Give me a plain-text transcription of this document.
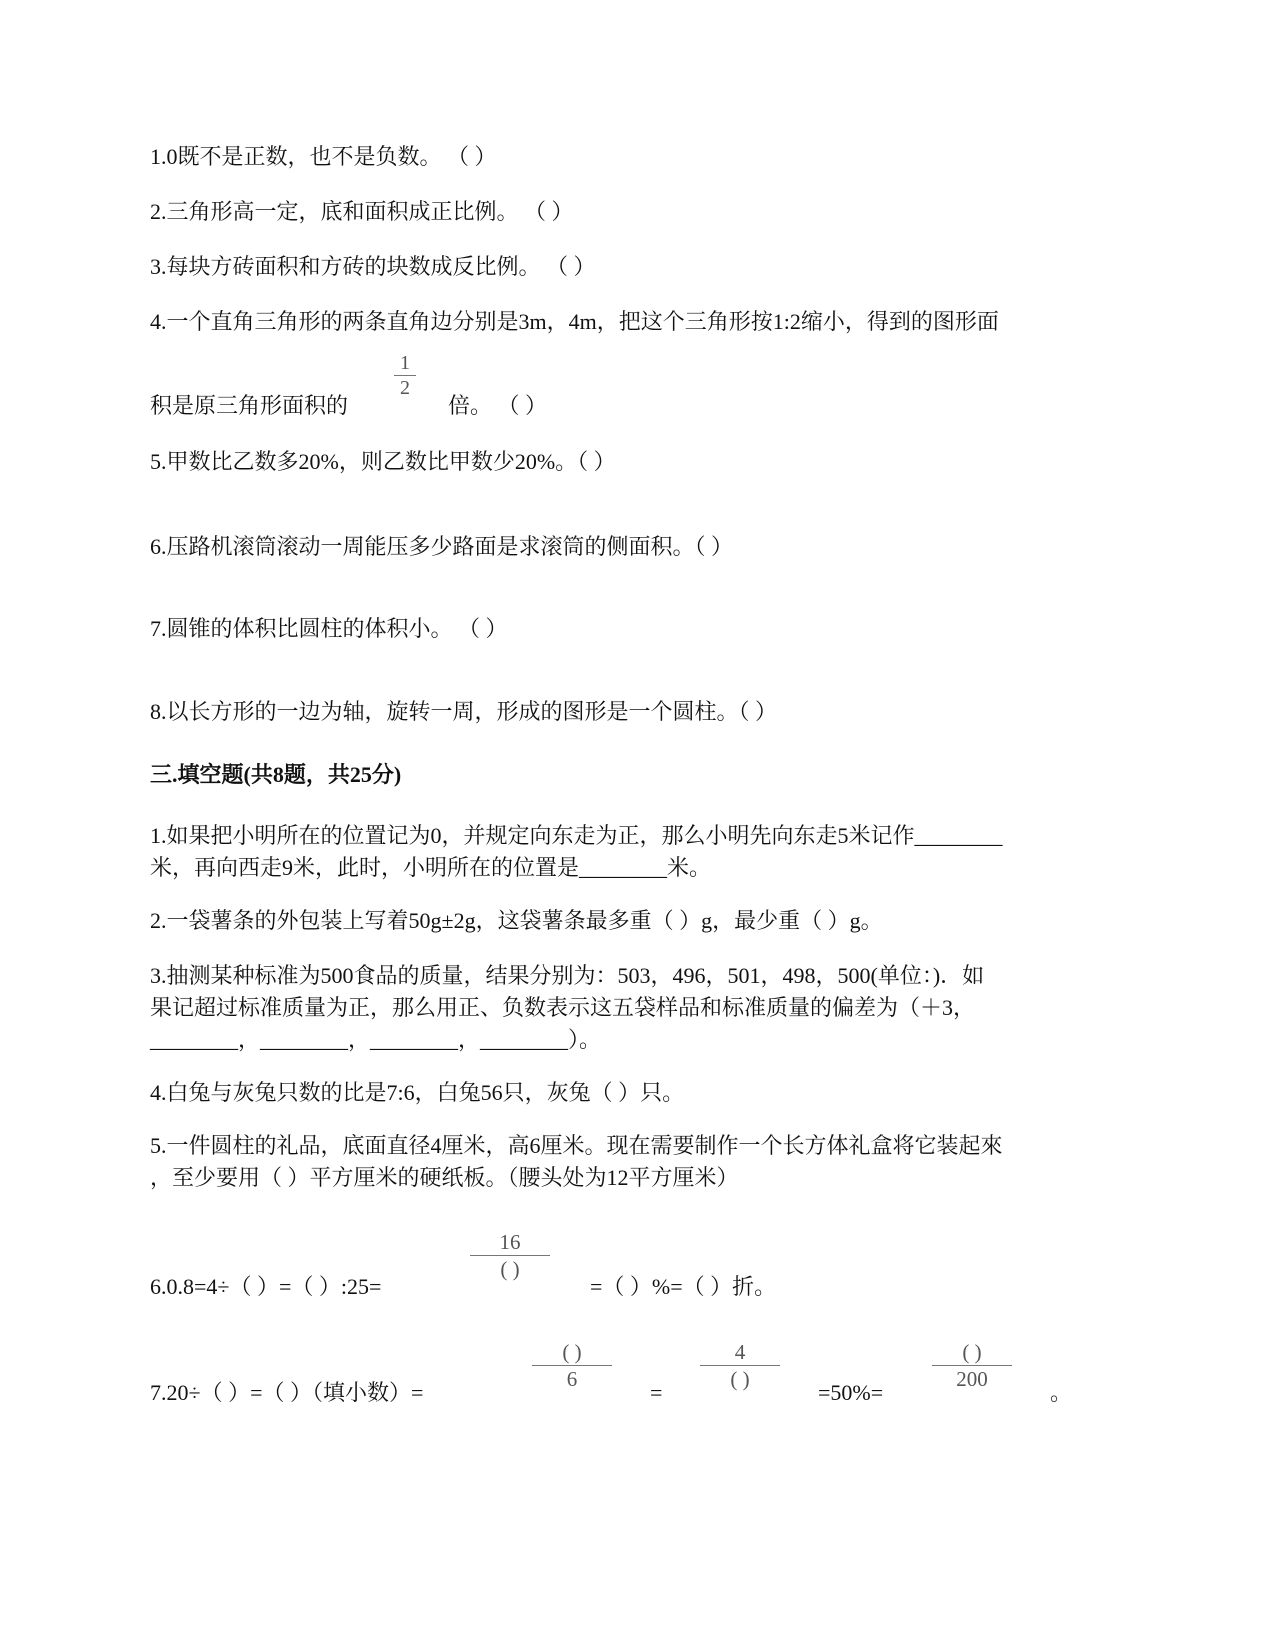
1.0既不是正数，也不是负数。 （ ）
2.三角形高一定，底和面积成正比例。 （ ）
3.每块方砖面积和方砖的块数成反比例。 （ ）
4.一个直角三角形的两条直角边分别是3m，4m，把这个三角形按1:2缩小，得到的图形面
积是原三角形面积的
1
2
倍。 （ ）
5.甲数比乙数多20%，则乙数比甲数少20%。（ ）
6.压路机滚筒滚动一周能压多少路面是求滚筒的侧面积。（ ）
7.圆锥的体积比圆柱的体积小。 （ ）
8.以长方形的一边为轴，旋转一周，形成的图形是一个圆柱。（ ）
三.填空题(共8题，共25分)
1.如果把小明所在的位置记为0，并规定向东走为正，那么小明先向东走5米记作________
米，再向西走9米，此时，小明所在的位置是________米。
2.一袋薯条的外包装上写着50g±2g，这袋薯条最多重（ ）g，最少重（ ）g。
3.抽测某种标准为500食品的质量，结果分别为：503，496，501，498，500(单位：)．如
果记超过标准质量为正，那么用正、负数表示这五袋样品和标准质量的偏差为（＋3，
________，________，________，________）。
4.白兔与灰兔只数的比是7:6，白兔56只，灰兔（ ）只。
5.一件圆柱的礼品，底面直径4厘米，高6厘米。现在需要制作一个长方体礼盒将它装起來
，至少要用（ ）平方厘米的硬纸板。（腰头处为12平方厘米）
6.0.8=4÷（ ）=（ ）:25=
16
( )
=（ ）%=（ ）折。
7.20÷（ ）=（ ）（填小数）=
( )
6
=
4
( )
=50%=
( )
200
。
